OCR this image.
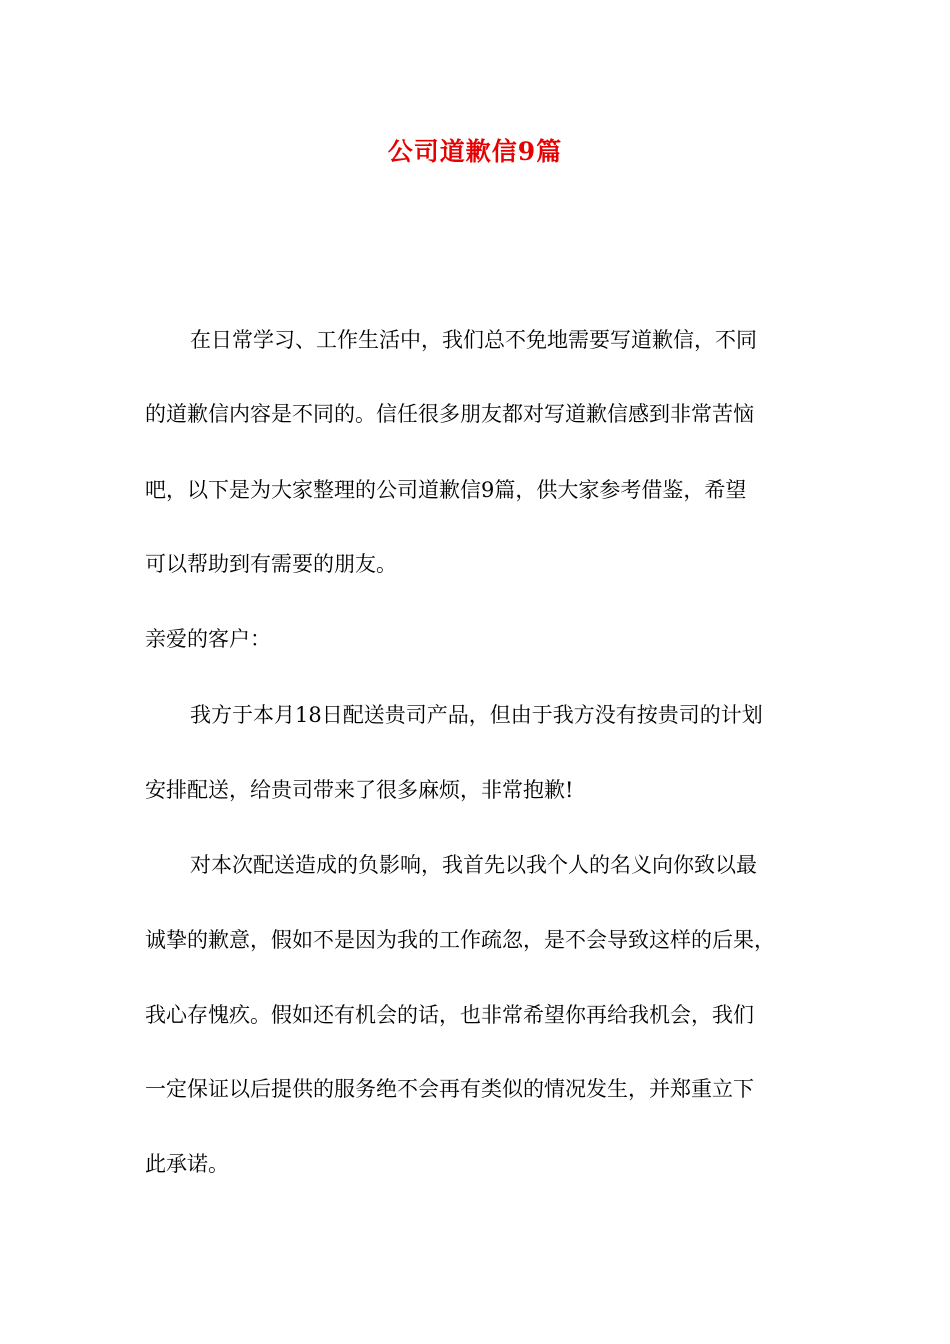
公司道歉信9篇
在日常学习、工作生活中，我们总不免地需要写道歉信，不同
的道歉信内容是不同的。信任很多朋友都对写道歉信感到非常苦恼
吧，以下是为大家整理的公司道歉信9篇，供大家参考借鉴，希望
可以帮助到有需要的朋友。
亲爱的客户：
我方于本月18日配送贵司产品，但由于我方没有按贵司的计划
安排配送，给贵司带来了很多麻烦，非常抱歉!
对本次配送造成的负影响，我首先以我个人的名义向你致以最
诚挚的歉意，假如不是因为我的工作疏忽，是不会导致这样的后果，
我心存愧疚。假如还有机会的话，也非常希望你再给我机会，我们
一定保证以后提供的服务绝不会再有类似的情况发生，并郑重立下
此承诺。
